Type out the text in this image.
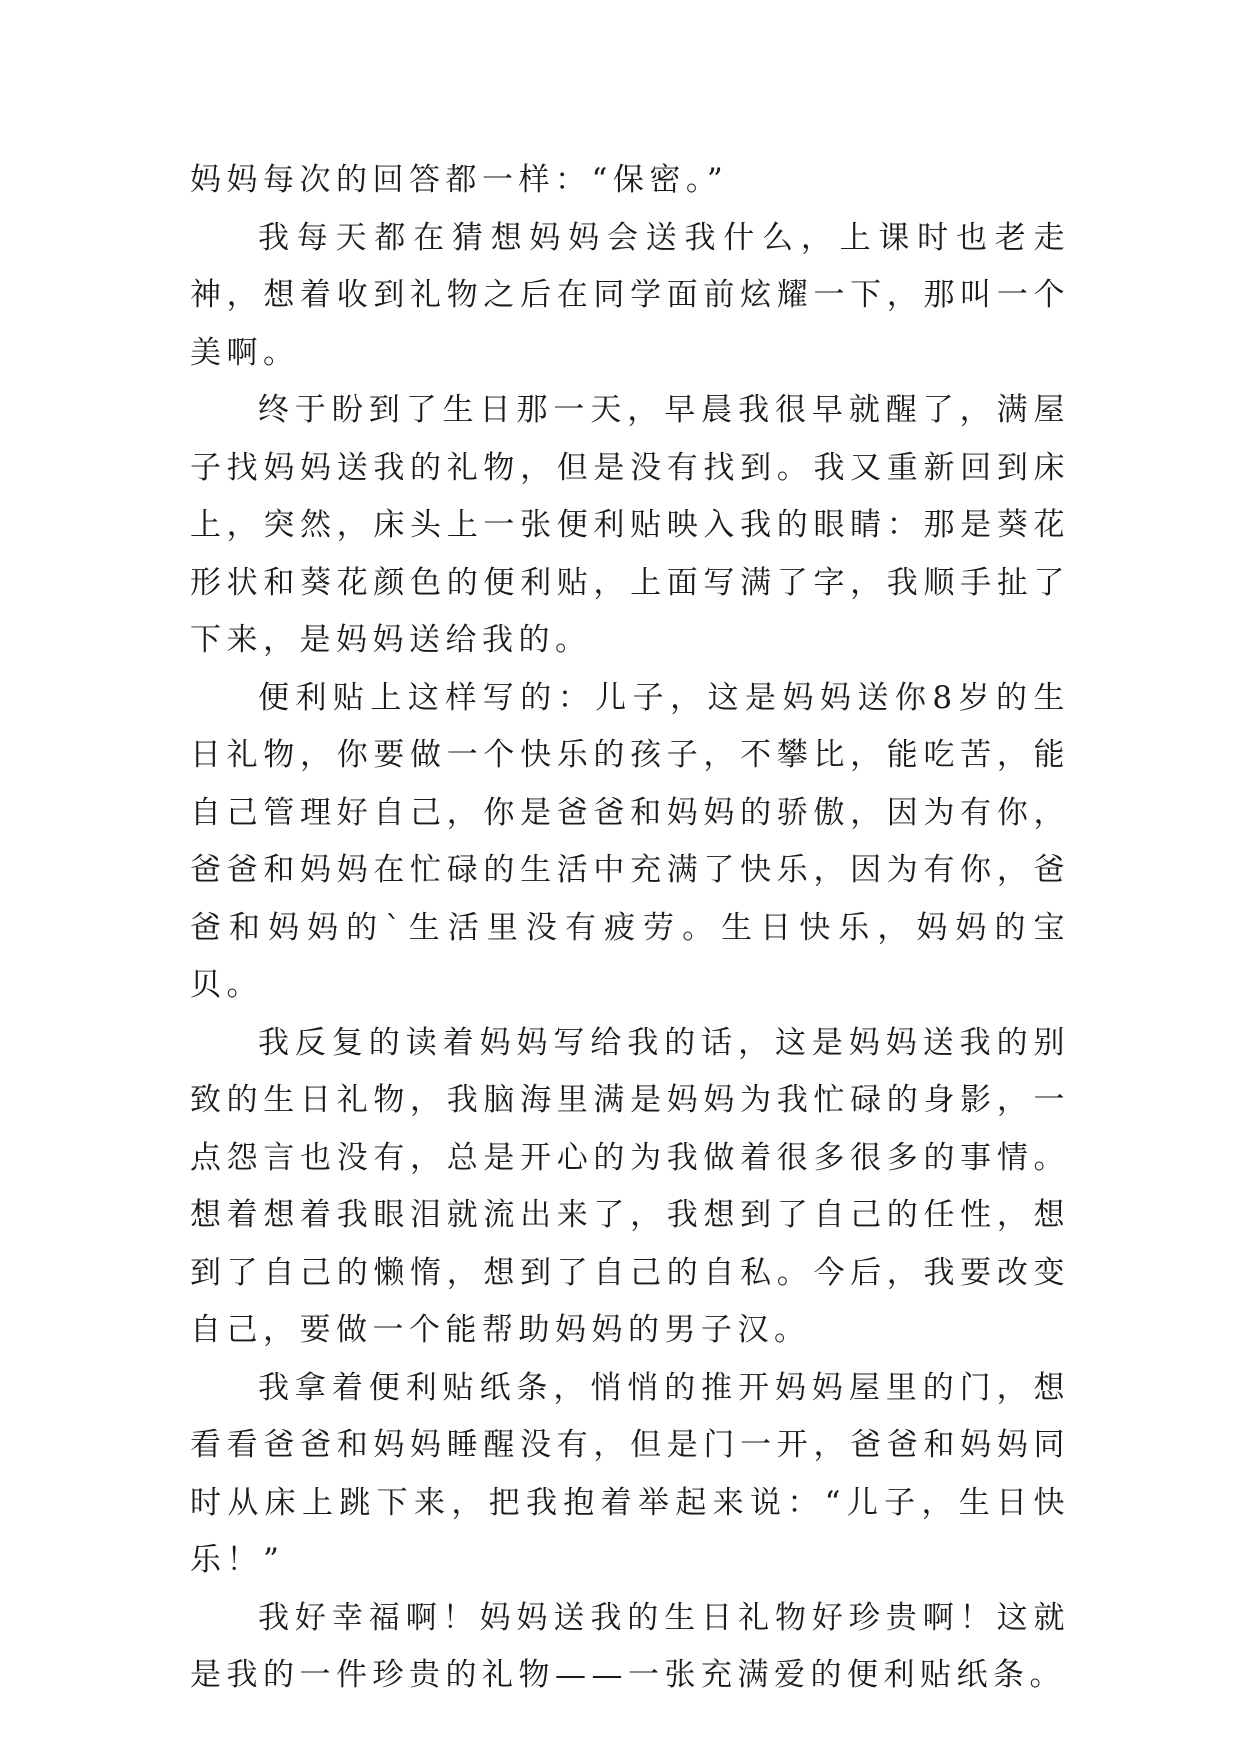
妈妈每次的回答都一样：“保密。”

我每天都在猜想妈妈会送我什么，上课时也老走神，想着收到礼物之后在同学面前炫耀一下，那叫一个美啊。

终于盼到了生日那一天，早晨我很早就醒了，满屋子找妈妈送我的礼物，但是没有找到。我又重新回到床上，突然，床头上一张便利贴映入我的眼睛：那是葵花形状和葵花颜色的便利贴，上面写满了字，我顺手扯了下来，是妈妈送给我的。

便利贴上这样写的：儿子，这是妈妈送你8岁的生日礼物，你要做一个快乐的孩子，不攀比，能吃苦，能自己管理好自己，你是爸爸和妈妈的骄傲，因为有你，爸爸和妈妈在忙碌的生活中充满了快乐，因为有你，爸爸和妈妈的`生活里没有疲劳。生日快乐，妈妈的宝贝。

我反复的读着妈妈写给我的话，这是妈妈送我的别致的生日礼物，我脑海里满是妈妈为我忙碌的身影，一点怨言也没有，总是开心的为我做着很多很多的事情。想着想着我眼泪就流出来了，我想到了自己的任性，想到了自己的懒惰，想到了自己的自私。今后，我要改变自己，要做一个能帮助妈妈的男子汉。

我拿着便利贴纸条，悄悄的推开妈妈屋里的门，想看看爸爸和妈妈睡醒没有，但是门一开，爸爸和妈妈同时从床上跳下来，把我抱着举起来说：“儿子，生日快乐！”

我好幸福啊！妈妈送我的生日礼物好珍贵啊！这就是我的一件珍贵的礼物——一张充满爱的便利贴纸条。
